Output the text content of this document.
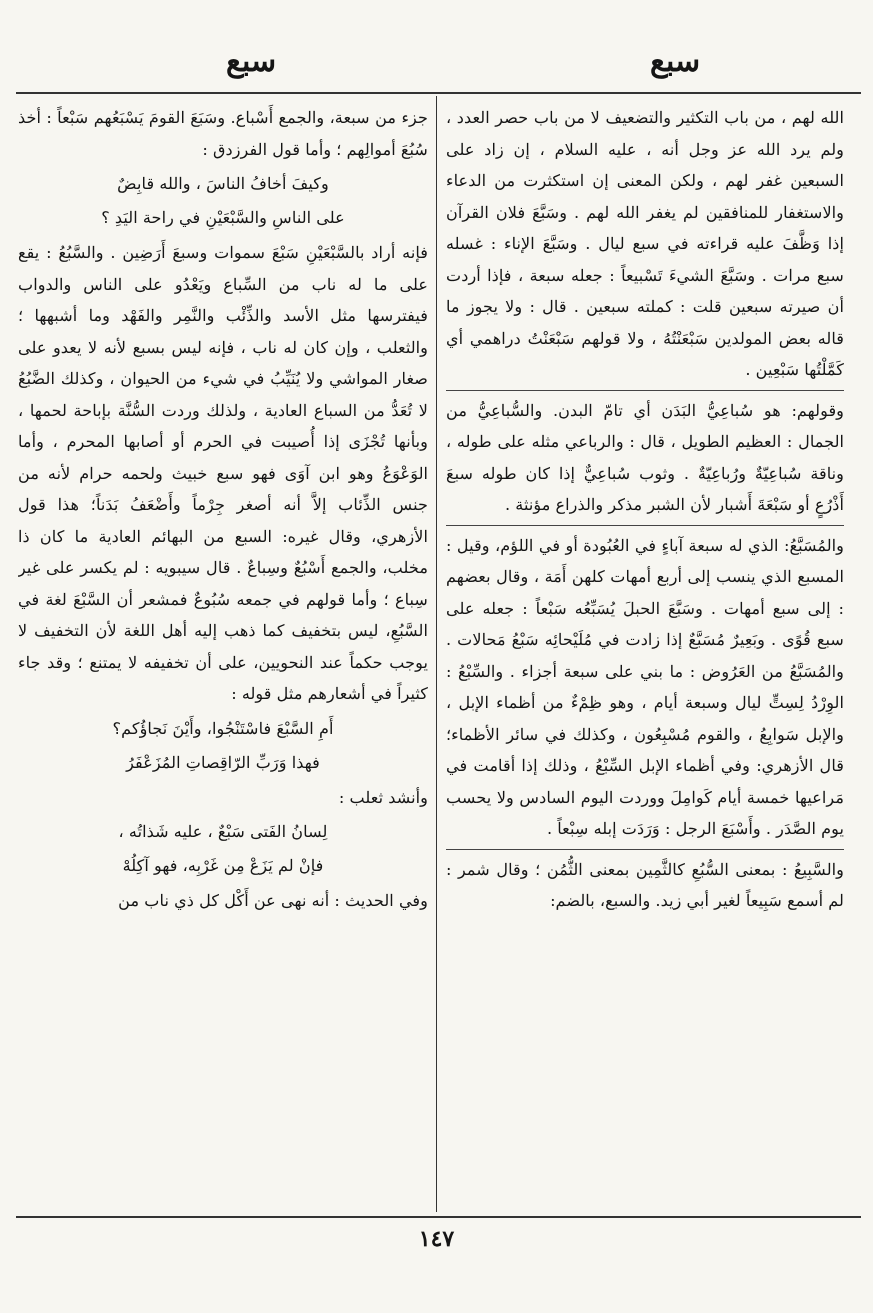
سبع
سبع

الله لهم ، من باب التكثير والتضعيف لا من باب حصر العدد ، ولم يرد الله عز وجل أنه ، عليه السلام ، إن زاد على السبعين غفر لهم ، ولكن المعنى إن استكثرت من الدعاء والاستغفار للمنافقين لم يغفر الله لهم . وسَبَّعَ فلان القرآن إذا وَظَّفَ عليه قراءته في سبع ليال . وسَبَّعَ الإناء : غسله سبع مرات . وسَبَّعَ الشيءَ تَسْبيعاً : جعله سبعة ، فإذا أردت أن صيرته سبعين قلت : كملته سبعين . قال : ولا يجوز ما قاله بعض المولدين سَبْعَنْتُهُ ، ولا قولهم سَبْعَنْتُ دراهمي أي كَمَّلْتُها سَبْعِين .

وقولهم: هو سُباعِيُّ البَدَن أي تامّ البدن. والسُّباعِيُّ من الجمال : العظيم الطويل ، قال : والرباعي مثله على طوله ، وناقة سُباعِيّةٌ ورُباعِيّةٌ . وثوب سُباعِيٌّ إذا كان طوله سبعَ أَذْرُعٍ أو سَبْعَةَ أَشبار لأن الشبر مذكر والذراع مؤنثة .

والمُسَبَّعُ: الذي له سبعة آباءٍ في العُبُودة أو في اللؤم، وقيل : المسبع الذي ينسب إلى أربع أمهات كلهن أَمَة ، وقال بعضهم : إلى سبع أمهات . وسَبَّعَ الحبلَ يُسَبِّعُه سَبْعاً : جعله على سبع قُوًى . وبَعِيرٌ مُسَبَّعٌ إذا زادت في مُلَيْحائِه سَبْعُ مَحالات . والمُسَبَّعُ من العَرُوض : ما بني على سبعة أجزاء . والسِّبْعُ : الوِرْدُ لِسِتٍّ ليال وسبعة أيام ، وهو ظِمْءٌ من أظماء الإبل ، والإبل سَوابِعُ ، والقوم مُسْبِعُون ، وكذلك في سائر الأظماء؛ قال الأزهري: وفي أظماء الإبل السِّبْعُ ، وذلك إذا أقامت في مَراعيها خمسة أيام كَوامِلَ ووردت اليوم السادس ولا يحسب يوم الصَّدَر . وأَسْبَعَ الرجل : وَرَدَت إبله سِبْعاً .

والسَّبِيعُ : بمعنى السُّبُعِ كالثَّمِين بمعنى الثُّمُن ؛ وقال شمر : لم أسمع سَبِيعاً لغير أبي زيد. والسبع، بالضم:

جزء من سبعة، والجمع أَسْباع. وسَبَعَ القومَ يَسْبَعُهم سَبْعاً : أخذ سُبُعَ أموالِهم ؛ وأما قول الفرزدق :

وكيفَ أخافُ الناسَ ، والله قابِضٌ
على الناسِ والسَّبْعَيْنِ في راحة اليَدِ ؟

فإنه أراد بالسَّبْعَيْنِ سَبْعَ سموات وسبعَ أَرَضِين . والسَّبُعُ : يقع على ما له ناب من السِّباع ويَعْدُو على الناس والدواب فيفترسها مثل الأسد والذِّئْب والنَّمِر والفَهْد وما أشبهها ؛ والثعلب ، وإن كان له ناب ، فإنه ليس بسبع لأنه لا يعدو على صغار المواشي ولا يُنَيِّبُ في شيء من الحيوان ، وكذلك الضَّبُعُ لا تُعَدُّ من السباع العادية ، ولذلك وردت السُّنَّة بإباحة لحمها ، وبأنها تُجْزَى إذا أُصيبت في الحرم أو أصابها المحرم ، وأما الوَعْوَعُ وهو ابن آوَى فهو سبع خبيث ولحمه حرام لأنه من جنس الذِّئاب إلاَّ أنه أصغر جِرْماً وأَضْعَفُ بَدَناً؛ هذا قول الأزهري، وقال غيره: السبع من البهائم العادية ما كان ذا مخلب، والجمع أَسْبُعٌ وسِباعٌ . قال سيبويه : لم يكسر على غير سِباع ؛ وأما قولهم في جمعه سُبُوعٌ فمشعر أن السَّبْعَ لغة في السَّبُعِ، ليس بتخفيف كما ذهب إليه أهل اللغة لأن التخفيف لا يوجب حكماً عند النحويين، على أن تخفيفه لا يمتنع ؛ وقد جاء كثيراً في أشعارهم مثل قوله :

أَمِ السَّبْعَ فاسْتَنْجُوا، وأَيْنَ نَجاؤُكم؟
فهذا وَرَبِّ الرّاقِصاتِ المُزَعْفَرُ

وأنشد ثعلب :

لِسانُ الفَتى سَبْعٌ ، عليه شَذاتُه ،
فإنْ لم يَزَعْ مِن غَرْبِه، فهو آكِلُهْ

وفي الحديث : أنه نهى عن أَكْل كل ذي ناب من

١٤٧
